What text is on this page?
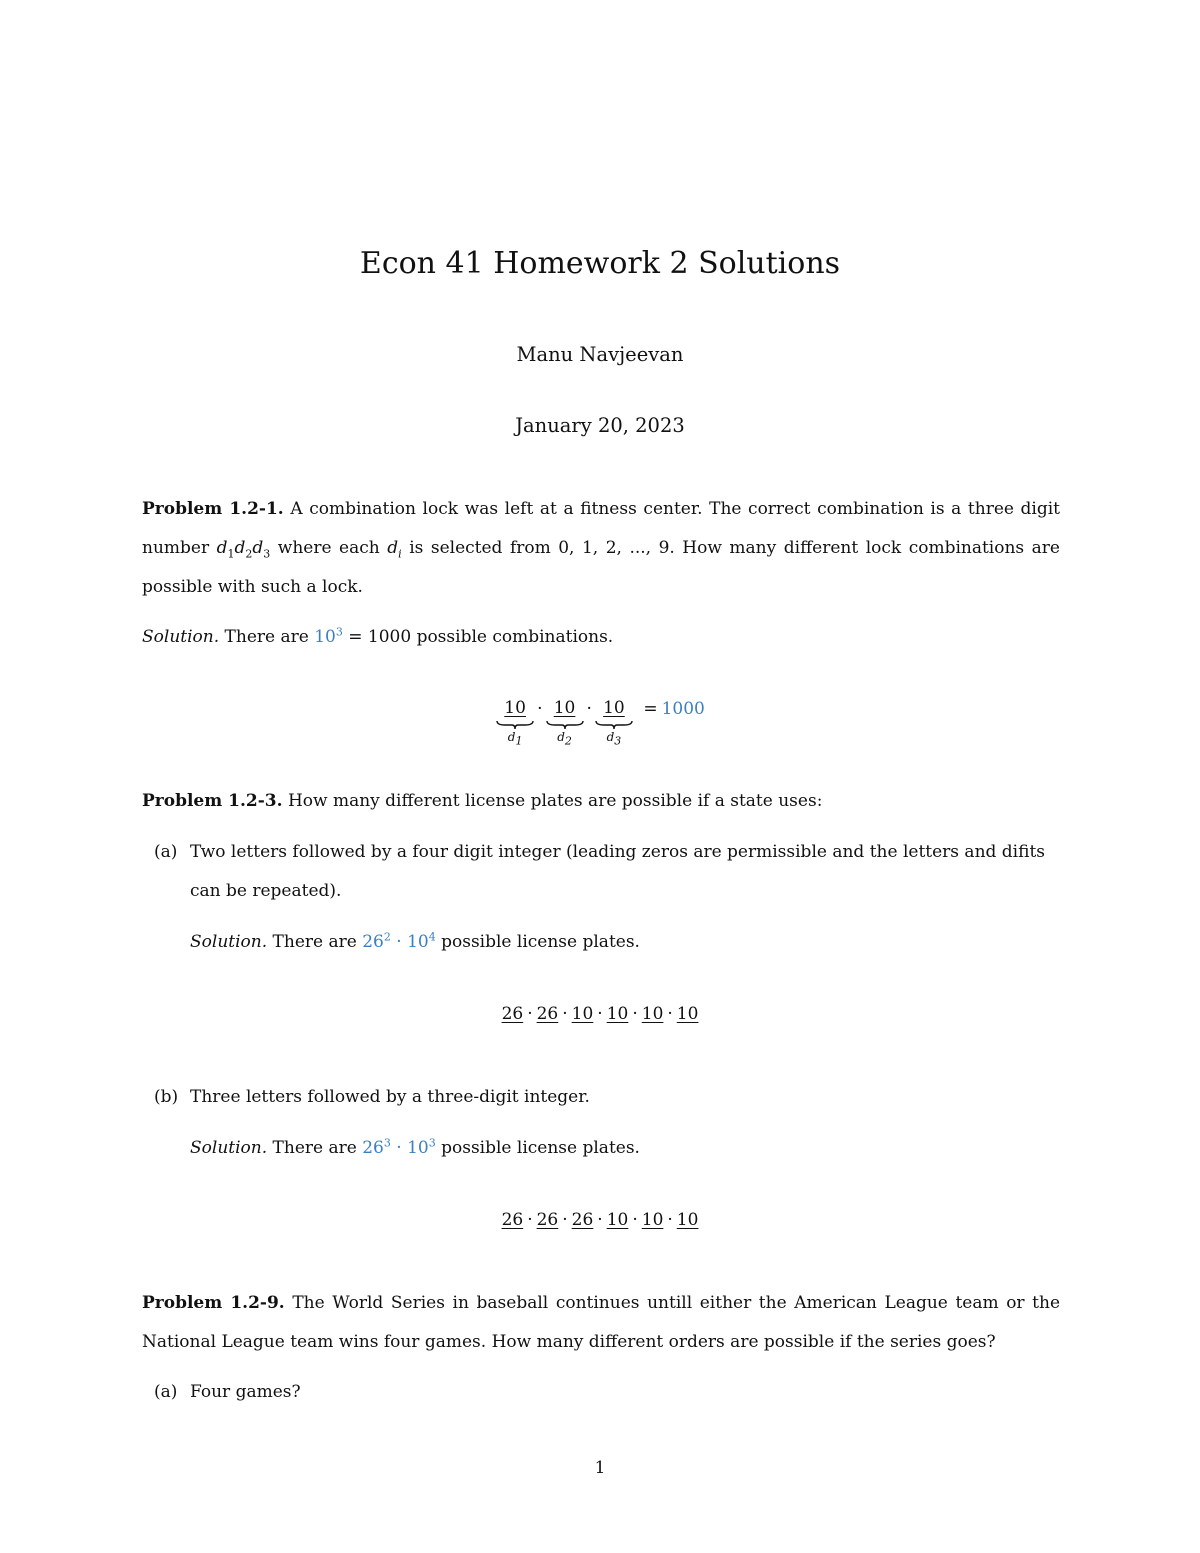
Econ 41 Homework 2 Solutions
Manu Navjeevan
January 20, 2023

Problem 1.2-1. A combination lock was left at a fitness center. The correct combination is a three digit number $d_1d_2d_3$ where each $d_i$ is selected from 0, 1, 2, ..., 9. How many different lock combinations are possible with such a lock.

Solution. There are $10^3 = 1000$ possible combinations.

10
$d_1$
· 10
$d_2$
· 10
$d_3$
= 1000

Problem 1.2-3. How many different license plates are possible if a state uses:

(a) Two letters followed by a four digit integer (leading zeros are permissible and the letters and difits can be repeated).
Solution. There are $26^2 \cdot 10^4$ possible license plates.
26 · 26 · 10 · 10 · 10 · 10
(b) Three letters followed by a three-digit integer.
Solution. There are $26^3 \cdot 10^3$ possible license plates.
26 · 26 · 26 · 10 · 10 · 10

Problem 1.2-9. The World Series in baseball continues untill either the American League team or the National League team wins four games. How many different orders are possible if the series goes?

(a) Four games?
1
